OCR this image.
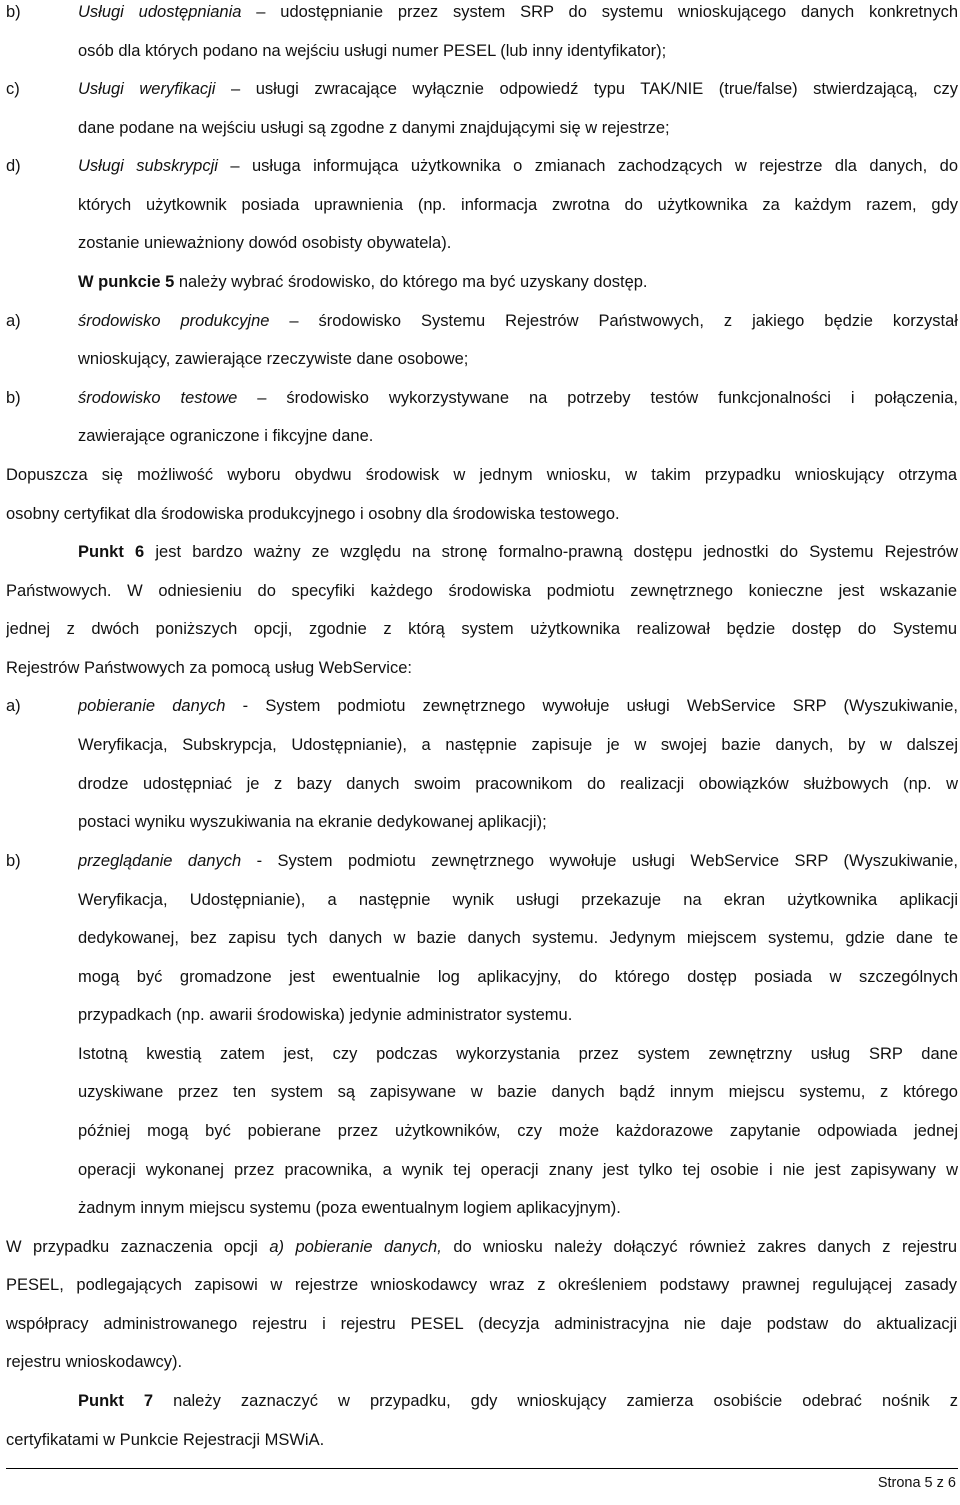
b)	Usługi udostępniania – udostępnianie przez system SRP do systemu wnioskującego danych konkretnych
osób dla których podano na wejściu usługi numer PESEL (lub inny identyfikator);
c)	Usługi weryfikacji – usługi zwracające wyłącznie odpowiedź typu TAK/NIE (true/false) stwierdzającą, czy
dane podane na wejściu usługi są zgodne z danymi znajdującymi się w rejestrze;
d)	Usługi subskrypcji – usługa informująca użytkownika o zmianach zachodzących w rejestrze dla danych, do
których użytkownik posiada uprawnienia (np. informacja zwrotna do użytkownika za każdym razem, gdy
zostanie unieważniony dowód osobisty obywatela).
W punkcie 5 należy wybrać środowisko, do którego ma być uzyskany dostęp.
a)	środowisko produkcyjne – środowisko Systemu Rejestrów Państwowych, z jakiego będzie korzystał
wnioskujący, zawierające rzeczywiste dane osobowe;
b)	środowisko testowe – środowisko wykorzystywane na potrzeby testów funkcjonalności i połączenia,
zawierające ograniczone i fikcyjne dane.
Dopuszcza się możliwość wyboru obydwu środowisk w jednym wniosku, w takim przypadku wnioskujący otrzyma
osobny certyfikat dla środowiska produkcyjnego i osobny dla środowiska testowego.
Punkt 6 jest bardzo ważny ze względu na stronę formalno-prawną dostępu jednostki do Systemu Rejestrów
Państwowych. W odniesieniu do specyfiki każdego środowiska podmiotu zewnętrznego konieczne jest wskazanie
jednej z dwóch poniższych opcji, zgodnie z którą system użytkownika realizował będzie dostęp do Systemu
Rejestrów Państwowych za pomocą usług WebService:
a)	pobieranie danych - System podmiotu zewnętrznego wywołuje usługi WebService SRP (Wyszukiwanie,
Weryfikacja, Subskrypcja, Udostępnianie), a następnie zapisuje je w swojej bazie danych, by w dalszej
drodze udostępniać je z bazy danych swoim pracownikom do realizacji obowiązków służbowych (np. w
postaci wyniku wyszukiwania na ekranie dedykowanej aplikacji);
b)	przeglądanie danych - System podmiotu zewnętrznego wywołuje usługi WebService SRP (Wyszukiwanie,
Weryfikacja, Udostępnianie), a następnie wynik usługi przekazuje na ekran użytkownika aplikacji
dedykowanej, bez zapisu tych danych w bazie danych systemu. Jedynym miejscem systemu, gdzie dane te
mogą być gromadzone jest ewentualnie log aplikacyjny, do którego dostęp posiada w szczególnych
przypadkach (np. awarii środowiska) jedynie administrator systemu.
Istotną kwestią zatem jest, czy podczas wykorzystania przez system zewnętrzny usług SRP dane
uzyskiwane przez ten system są zapisywane w bazie danych bądź innym miejscu systemu, z którego
później mogą być pobierane przez użytkowników, czy może każdorazowe zapytanie odpowiada jednej
operacji wykonanej przez pracownika, a wynik tej operacji znany jest tylko tej osobie i nie jest zapisywany w
żadnym innym miejscu systemu (poza ewentualnym logiem aplikacyjnym).
W przypadku zaznaczenia opcji a) pobieranie danych, do wniosku należy dołączyć również zakres danych z rejestru
PESEL, podlegających zapisowi w rejestrze wnioskodawcy wraz z określeniem podstawy prawnej regulującej zasady
współpracy administrowanego rejestru i rejestru PESEL (decyzja administracyjna nie daje podstaw do aktualizacji
rejestru wnioskodawcy).
Punkt 7 należy zaznaczyć w przypadku, gdy wnioskujący zamierza osobiście odebrać nośnik z
certyfikatami w Punkcie Rejestracji MSWiA.
Strona 5 z 6
